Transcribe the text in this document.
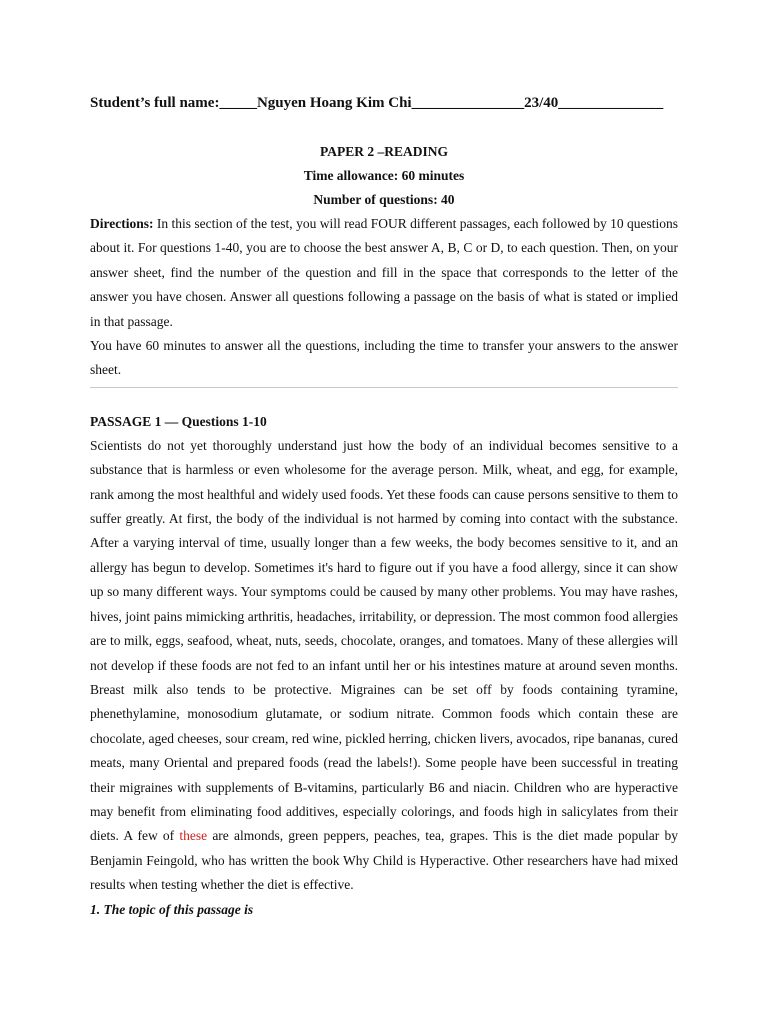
Student’s full name:_____Nguyen Hoang Kim Chi_______________23/40______________

PAPER 2 –READING
Time allowance: 60 minutes
Number of questions: 40

Directions: In this section of the test, you will read FOUR different passages, each followed by 10 questions about it. For questions 1-40, you are to choose the best answer A, B, C or D, to each question. Then, on your answer sheet, find the number of the question and fill in the space that corresponds to the letter of the answer you have chosen. Answer all questions following a passage on the basis of what is stated or implied in that passage.

You have 60 minutes to answer all the questions, including the time to transfer your answers to the answer sheet.

PASSAGE 1 — Questions 1-10

Scientists do not yet thoroughly understand just how the body of an individual becomes sensitive to a substance that is harmless or even wholesome for the average person. Milk, wheat, and egg, for example, rank among the most healthful and widely used foods. Yet these foods can cause persons sensitive to them to suffer greatly. At first, the body of the individual is not harmed by coming into contact with the substance. After a varying interval of time, usually longer than a few weeks, the body becomes sensitive to it, and an allergy has begun to develop. Sometimes it's hard to figure out if you have a food allergy, since it can show up so many different ways. Your symptoms could be caused by many other problems. You may have rashes, hives, joint pains mimicking arthritis, headaches, irritability, or depression. The most common food allergies are to milk, eggs, seafood, wheat, nuts, seeds, chocolate, oranges, and tomatoes. Many of these allergies will not develop if these foods are not fed to an infant until her or his intestines mature at around seven months. Breast milk also tends to be protective. Migraines can be set off by foods containing tyramine, phenethylamine, monosodium glutamate, or sodium nitrate. Common foods which contain these are chocolate, aged cheeses, sour cream, red wine, pickled herring, chicken livers, avocados, ripe bananas, cured meats, many Oriental and prepared foods (read the labels!). Some people have been successful in treating their migraines with supplements of B-vitamins, particularly B6 and niacin. Children who are hyperactive may benefit from eliminating food additives, especially colorings, and foods high in salicylates from their diets. A few of these are almonds, green peppers, peaches, tea, grapes. This is the diet made popular by Benjamin Feingold, who has written the book Why Child is Hyperactive. Other researchers have had mixed results when testing whether the diet is effective.

1. The topic of this passage is
